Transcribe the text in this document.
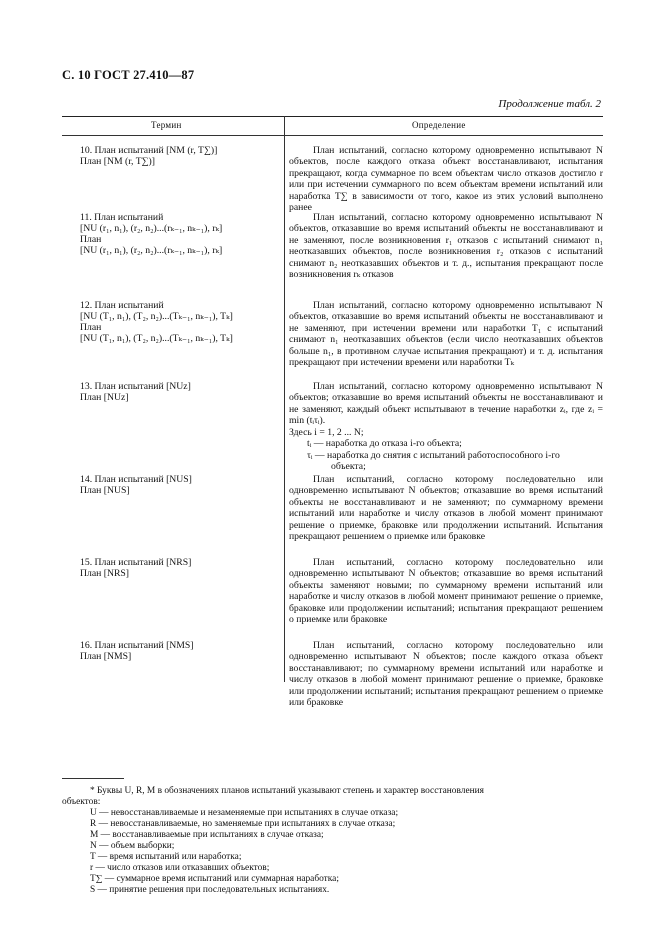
С. 10 ГОСТ 27.410—87
Продолжение табл. 2
Термин	Определение
10. План испытаний [NM (r, T∑)]
План [NM (r, T∑)]

План испытаний, согласно которому одновременно испытывают N объектов, после каждого отказа объект восстанавливают, испытания прекращают, когда суммарное по всем объектам число отказов достигло r или при истечении суммарного по всем объектам времени испытаний или наработка T∑ в зависимости от того, какое из этих условий выполнено ранее

11. План испытаний
[NU (r₁, n₁), (r₂, n₂)...(rₖ₋₁, nₖ₋₁), rₖ]
План
[NU (r₁, n₁), (r₂, n₂)...(rₖ₋₁, nₖ₋₁), rₖ]

План испытаний, согласно которому одновременно испытывают N объектов, отказавшие во время испытаний объекты не восстанавливают и не заменяют, после возникновения r₁ отказов с испытаний снимают n₁ неотказавших объектов, после возникновения r₂ отказов с испытаний снимают n₂ неотказавших объектов и т. д., испытания прекращают после возникновения rₖ отказов

12. План испытаний
[NU (T₁, n₁), (T₂, n₂)...(Tₖ₋₁, nₖ₋₁), Tₖ]
План
[NU (T₁, n₁), (T₂, n₂)...(Tₖ₋₁, nₖ₋₁), Tₖ]

План испытаний, согласно которому одновременно испытывают N объектов, отказавшие во время испытаний объекты не восстанавливают и не заменяют, при истечении времени или наработки T₁ с испытаний снимают n₁ неотказавших объектов (если число неотказавших объектов больше n₁, в противном случае испытания прекращают) и т. д. испытания прекращают при истечении времени или наработки Tₖ

13. План испытаний [NUz]
План [NUz]

План испытаний, согласно которому одновременно испытывают N объектов; отказавшие во время испытаний объекты не восстанавливают и не заменяют, каждый объект испытывают в течение наработки zᵢ, где zᵢ = min (tᵢτᵢ).

Здесь i = 1, 2 ... N;

tᵢ — наработка до отказа i-го объекта;

τᵢ — наработка до снятия с испытаний работоспособного i-го

объекта;

14. План испытаний [NUS]
План [NUS]

План испытаний, согласно которому последовательно или одновременно испытывают N объектов; отказавшие во время испытаний объекты не восстанавливают и не заменяют; по суммарному времени испытаний или наработке и числу отказов в любой момент принимают решение о приемке, браковке или продолжении испытаний. Испытания прекращают решением о приемке или браковке

15. План испытаний [NRS]
План [NRS]

План испытаний, согласно которому последовательно или одновременно испытывают N объектов; отказавшие во время испытаний объекты заменяют новыми; по суммарному времени испытаний или наработке и числу отказов в любой момент принимают решение о приемке, браковке или продолжении испытаний; испытания прекращают решением о приемке или браковке

16. План испытаний [NMS]
План [NMS]

План испытаний, согласно которому последовательно или одновременно испытывают N объектов; после каждого отказа объект восстанавливают; по суммарному времени испытаний или наработке и числу отказов в любой момент принимают решение о приемке, браковке или продолжении испытаний; испытания прекращают решением о приемке или браковке

* Буквы U, R, M в обозначениях планов испытаний указывают степень и характер восстановления
объектов:
U — невосстанавливаемые и незаменяемые при испытаниях в случае отказа;
R — невосстанавливаемые, но заменяемые при испытаниях в случае отказа;
M — восстанавливаемые при испытаниях в случае отказа;
N — объем выборки;
T — время испытаний или наработка;
r — число отказов или отказавших объектов;
T∑ — суммарное время испытаний или суммарная наработка;
S — принятие решения при последовательных испытаниях.
